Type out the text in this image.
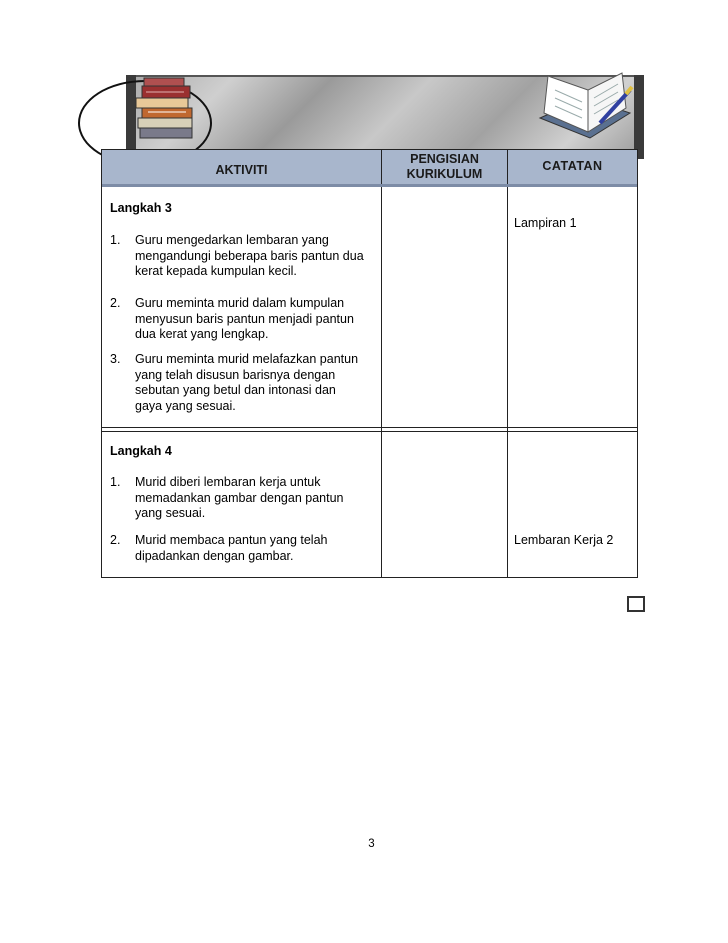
AKTIVITI
PENGISIAN
KURIKULUM
CATATAN
Langkah 3
1. Guru mengedarkan lembaran yang
mengandungi beberapa baris pantun dua
kerat kepada kumpulan kecil.
2. Guru meminta murid dalam kumpulan
menyusun baris pantun menjadi pantun
dua kerat yang lengkap.
3. Guru meminta murid melafazkan pantun
yang telah disusun barisnya dengan
sebutan yang betul dan intonasi dan
gaya yang sesuai.
Lampiran 1
Langkah 4
1. Murid diberi lembaran kerja untuk
memadankan gambar dengan pantun
yang sesuai.
2. Murid membaca pantun yang telah
dipadankan dengan gambar.
Lembaran Kerja 2
3
